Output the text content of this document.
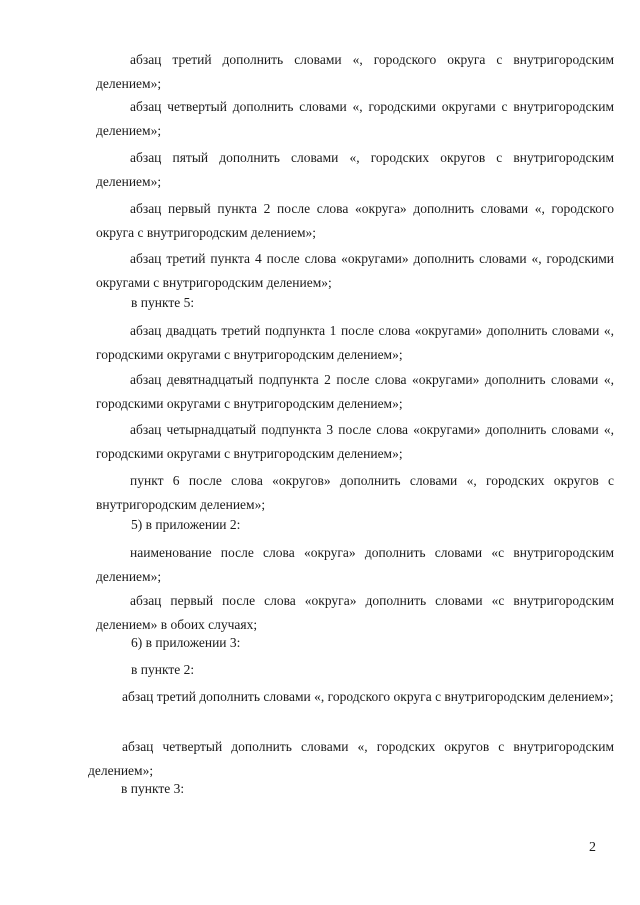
абзац третий дополнить словами «, городского округа с внутригородским делением»;

абзац четвертый дополнить словами «, городскими округами с внутригородским делением»;

абзац пятый дополнить словами «, городских округов с внутригородским делением»;

абзац первый пункта 2 после слова «округа» дополнить словами «, городского округа с внутригородским делением»;

абзац третий пункта 4 после слова «округами» дополнить словами «, городскими округами с внутригородским делением»;

в пункте 5:

абзац двадцать третий подпункта 1 после слова «округами» дополнить словами «, городскими округами с внутригородским делением»;

абзац девятнадцатый подпункта 2 после слова «округами» дополнить словами «, городскими округами с внутригородским делением»;

абзац четырнадцатый подпункта 3 после слова «округами» дополнить словами «, городскими округами с внутригородским делением»;

пункт 6 после слова «округов» дополнить словами «, городских округов с внутригородским делением»;

5) в приложении 2:

наименование после слова «округа» дополнить словами «с внутригородским делением»;

абзац первый после слова «округа» дополнить словами «с внутригородским делением» в обоих случаях;

6) в приложении 3:

в пункте 2:

абзац третий дополнить словами «, городского округа с внутригородским делением»;

абзац четвертый дополнить словами «, городских округов с внутригородским делением»;

в пункте 3:

2
